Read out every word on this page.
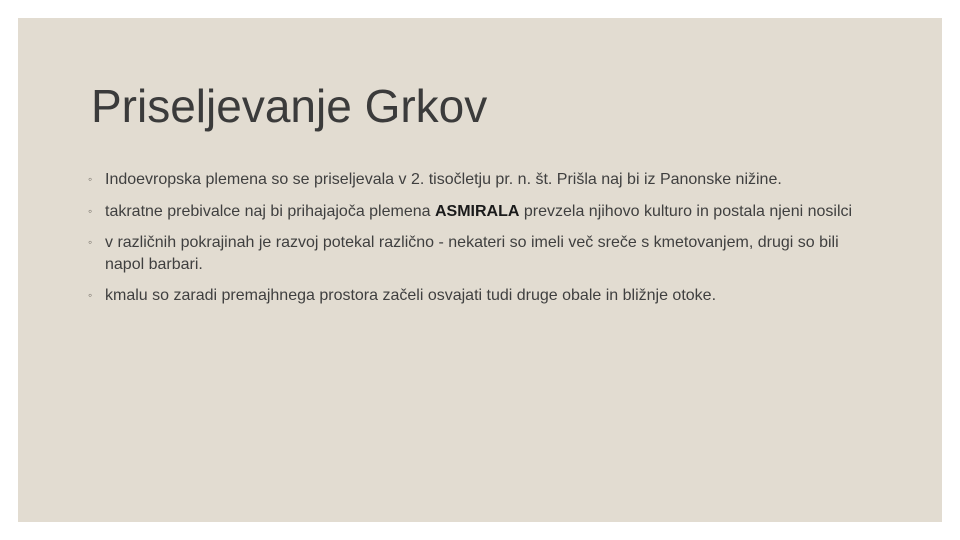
Priseljevanje Grkov
◦ Indoevropska plemena so se priseljevala v 2. tisočletju pr. n. št. Prišla naj bi iz Panonske nižine.
◦ takratne prebivalce naj bi prihajajoča plemena ASMIRALA prevzela njihovo kulturo in postala njeni nosilci
◦ v različnih pokrajinah je razvoj potekal različno - nekateri so imeli več sreče s kmetovanjem, drugi so bili napol barbari.
◦ kmalu so zaradi premajhnega prostora začeli osvajati tudi druge obale in bližnje otoke.
